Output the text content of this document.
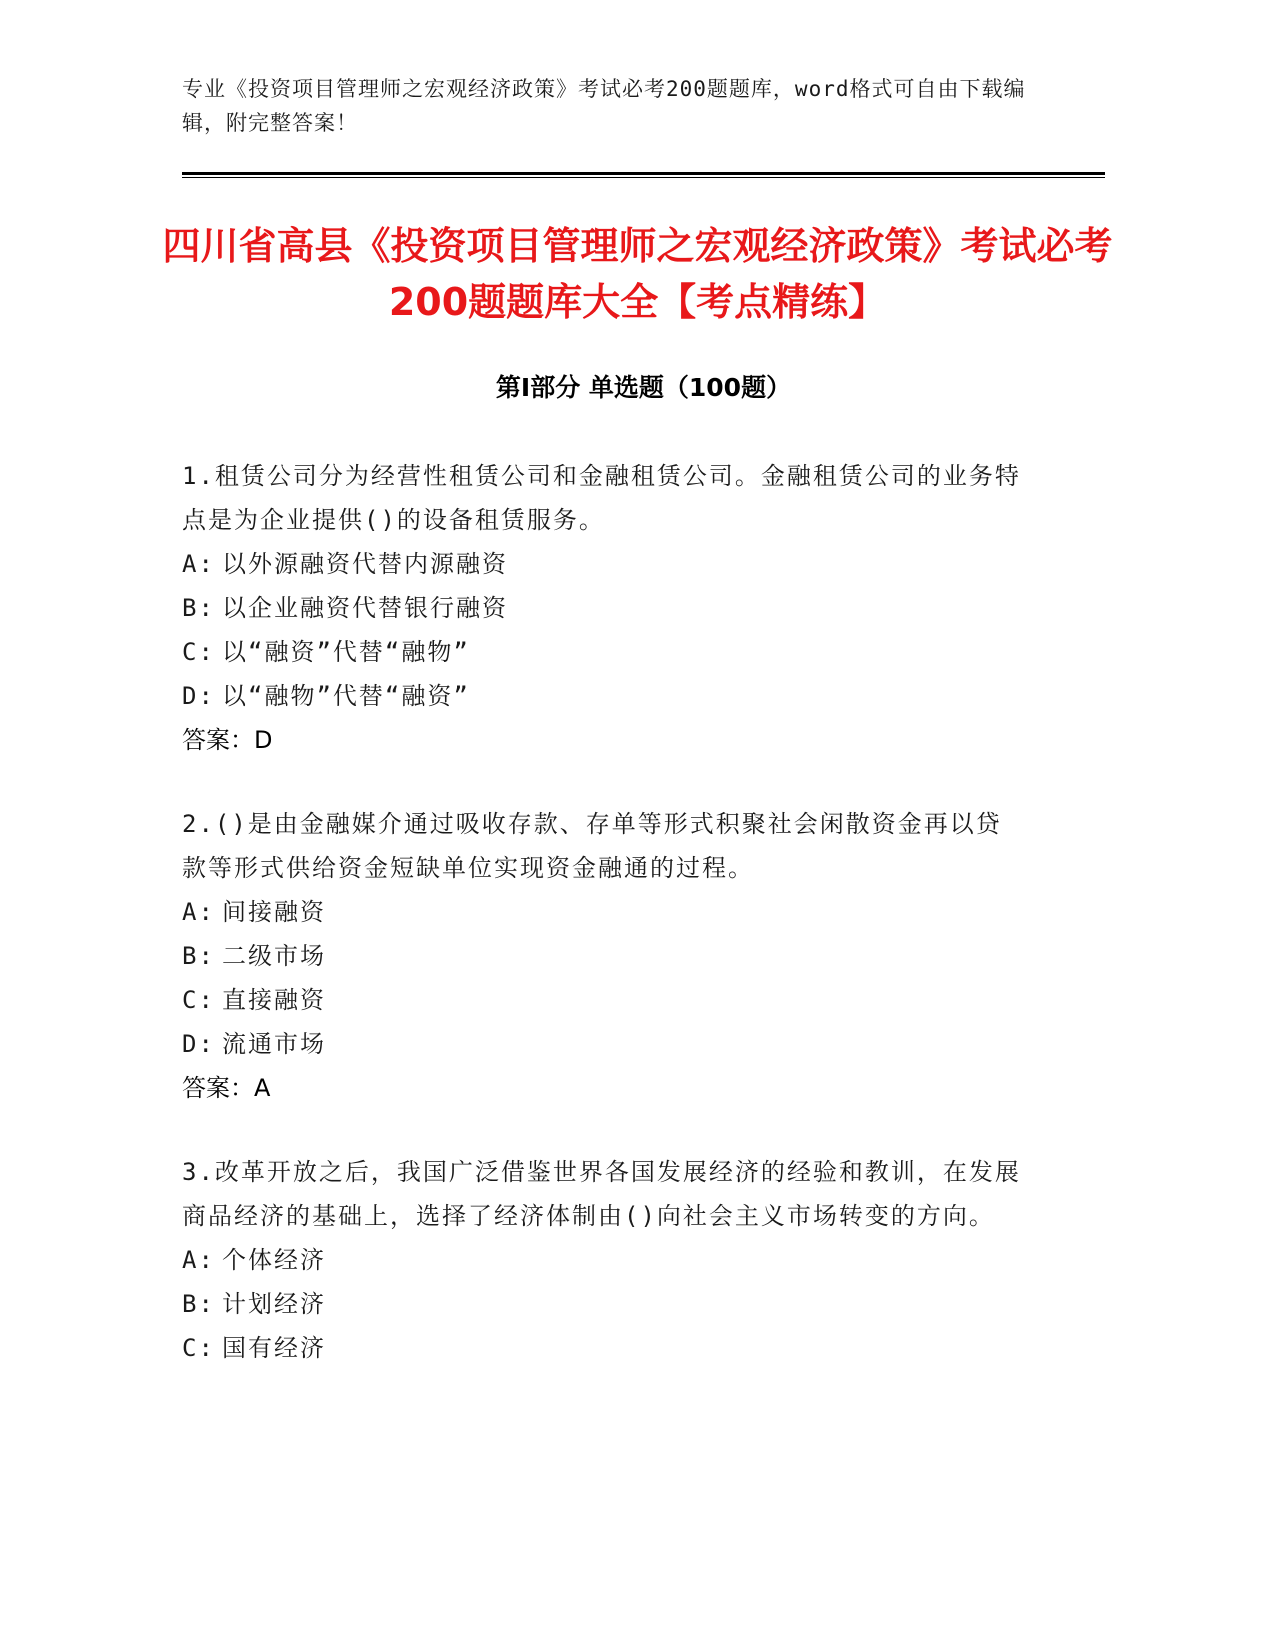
专业《投资项目管理师之宏观经济政策》考试必考200题题库，word格式可自由下载编辑，附完整答案！
四川省高县《投资项目管理师之宏观经济政策》考试必考200题题库大全【考点精练】
第I部分 单选题（100题）
1.租赁公司分为经营性租赁公司和金融租赁公司。金融租赁公司的业务特点是为企业提供()的设备租赁服务。
A: 以外源融资代替内源融资
B: 以企业融资代替银行融资
C: 以“融资”代替“融物”
D: 以“融物”代替“融资”
答案：D
2.()是由金融媒介通过吸收存款、存单等形式积聚社会闲散资金再以贷款等形式供给资金短缺单位实现资金融通的过程。
A: 间接融资
B: 二级市场
C: 直接融资
D: 流通市场
答案：A
3.改革开放之后，我国广泛借鉴世界各国发展经济的经验和教训，在发展商品经济的基础上，选择了经济体制由()向社会主义市场转变的方向。
A: 个体经济
B: 计划经济
C: 国有经济
